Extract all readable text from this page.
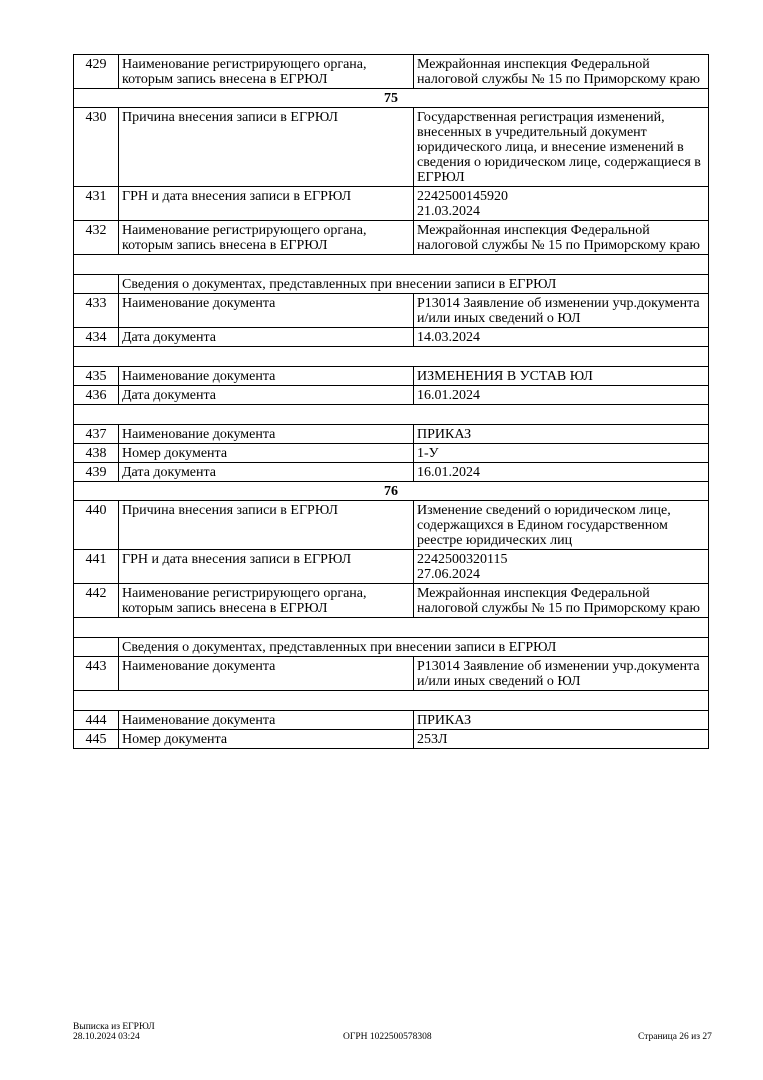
429	Наименование регистрирующего органа, которым запись внесена в ЕГРЮЛ	Межрайонная инспекция Федеральной налоговой службы № 15 по Приморскому краю
75		
430	Причина внесения записи в ЕГРЮЛ	Государственная регистрация изменений, внесенных в учредительный документ юридического лица, и внесение изменений в сведения о юридическом лице, содержащиеся в ЕГРЮЛ
431	ГРН и дата внесения записи в ЕГРЮЛ	2242500145920
21.03.2024
432	Наименование регистрирующего органа, которым запись внесена в ЕГРЮЛ	Межрайонная инспекция Федеральной налоговой службы № 15 по Приморскому краю

	Сведения о документах, представленных при внесении записи в ЕГРЮЛ	
433	Наименование документа	Р13014 Заявление об изменении учр.документа и/или иных сведений о ЮЛ
434	Дата документа	14.03.2024

435	Наименование документа	ИЗМЕНЕНИЯ В УСТАВ ЮЛ
436	Дата документа	16.01.2024

437	Наименование документа	ПРИКАЗ
438	Номер документа	1-У
439	Дата документа	16.01.2024
76		
440	Причина внесения записи в ЕГРЮЛ	Изменение сведений о юридическом лице, содержащихся в Едином государственном реестре юридических лиц
441	ГРН и дата внесения записи в ЕГРЮЛ	2242500320115
27.06.2024
442	Наименование регистрирующего органа, которым запись внесена в ЕГРЮЛ	Межрайонная инспекция Федеральной налоговой службы № 15 по Приморскому краю

	Сведения о документах, представленных при внесении записи в ЕГРЮЛ	
443	Наименование документа	Р13014 Заявление об изменении учр.документа и/или иных сведений о ЮЛ

444	Наименование документа	ПРИКАЗ
445	Номер документа	253Л
Выписка из ЕГРЮЛ
28.10.2024 03:24	ОГРН 1022500578308	Страница 26 из 27
